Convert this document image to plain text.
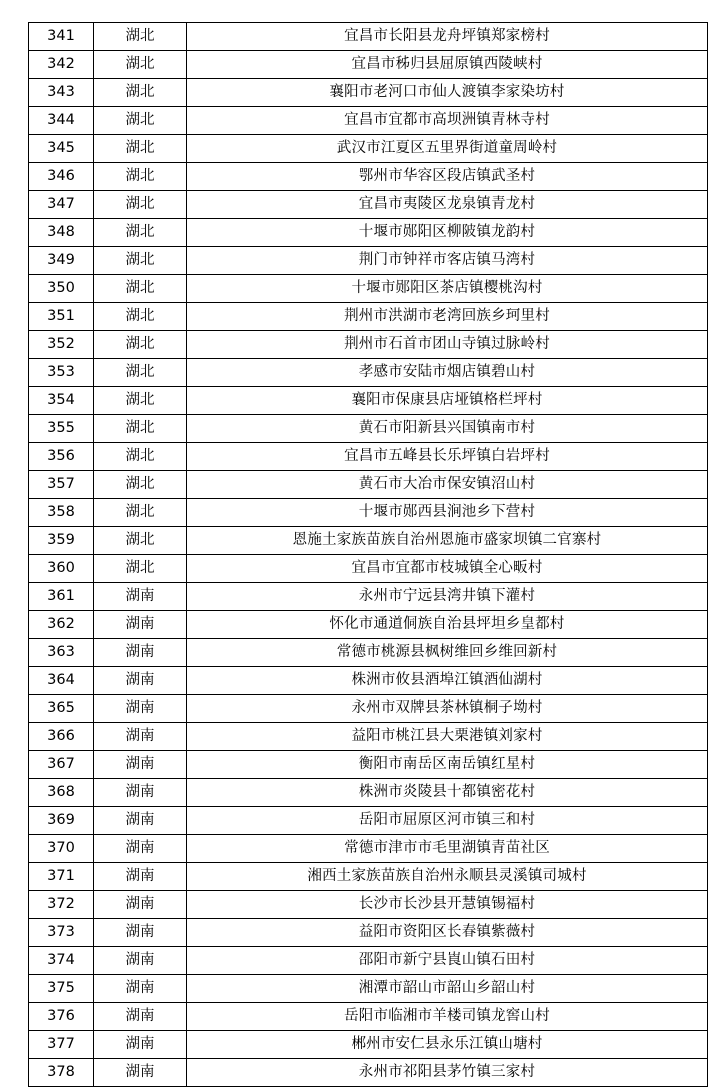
341	湖北	宜昌市长阳县龙舟坪镇郑家榜村
342	湖北	宜昌市秭归县屈原镇西陵峡村
343	湖北	襄阳市老河口市仙人渡镇李家染坊村
344	湖北	宜昌市宜都市高坝洲镇青林寺村
345	湖北	武汉市江夏区五里界街道童周岭村
346	湖北	鄂州市华容区段店镇武圣村
347	湖北	宜昌市夷陵区龙泉镇青龙村
348	湖北	十堰市郧阳区柳陂镇龙韵村
349	湖北	荆门市钟祥市客店镇马湾村
350	湖北	十堰市郧阳区茶店镇樱桃沟村
351	湖北	荆州市洪湖市老湾回族乡珂里村
352	湖北	荆州市石首市团山寺镇过脉岭村
353	湖北	孝感市安陆市烟店镇碧山村
354	湖北	襄阳市保康县店垭镇格栏坪村
355	湖北	黄石市阳新县兴国镇南市村
356	湖北	宜昌市五峰县长乐坪镇白岩坪村
357	湖北	黄石市大冶市保安镇沼山村
358	湖北	十堰市郧西县涧池乡下营村
359	湖北	恩施土家族苗族自治州恩施市盛家坝镇二官寨村
360	湖北	宜昌市宜都市枝城镇全心畈村
361	湖南	永州市宁远县湾井镇下灌村
362	湖南	怀化市通道侗族自治县坪坦乡皇都村
363	湖南	常德市桃源县枫树维回乡维回新村
364	湖南	株洲市攸县酒埠江镇酒仙湖村
365	湖南	永州市双牌县茶林镇桐子坳村
366	湖南	益阳市桃江县大栗港镇刘家村
367	湖南	衡阳市南岳区南岳镇红星村
368	湖南	株洲市炎陵县十都镇密花村
369	湖南	岳阳市屈原区河市镇三和村
370	湖南	常德市津市市毛里湖镇青苗社区
371	湖南	湘西土家族苗族自治州永顺县灵溪镇司城村
372	湖南	长沙市长沙县开慧镇锡福村
373	湖南	益阳市资阳区长春镇紫薇村
374	湖南	邵阳市新宁县崀山镇石田村
375	湖南	湘潭市韶山市韶山乡韶山村
376	湖南	岳阳市临湘市羊楼司镇龙窖山村
377	湖南	郴州市安仁县永乐江镇山塘村
378	湖南	永州市祁阳县茅竹镇三家村
